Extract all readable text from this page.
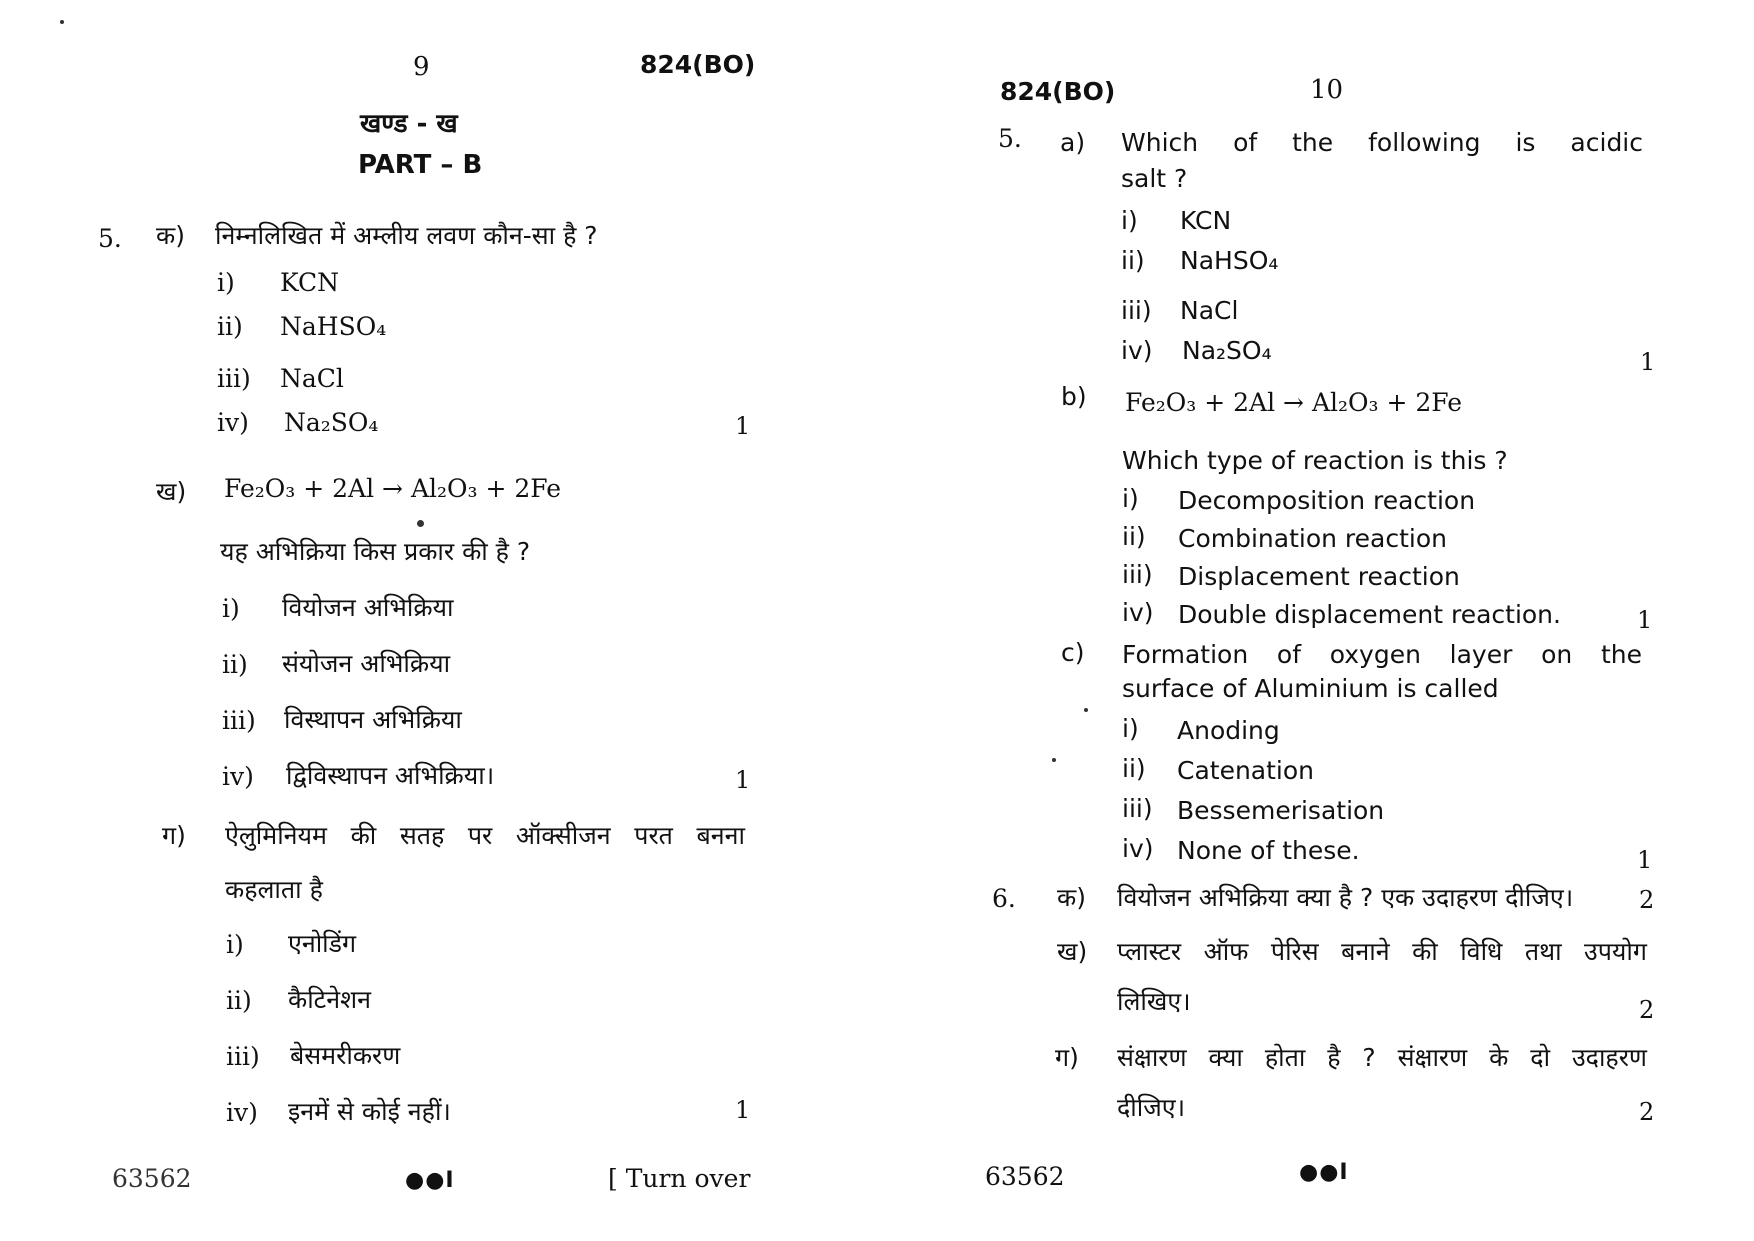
9	824(BO)
खण्ड - ख
PART – B
5. क) निम्नलिखित में अम्लीय लवण कौन-सा है ?
i) KCN
ii) NaHSO₄
iii) NaCl
iv) Na₂SO₄	1
ख) Fe₂O₃ + 2Al → Al₂O₃ + 2Fe
यह अभिक्रिया किस प्रकार की है ?
i) वियोजन अभिक्रिया
ii) संयोजन अभिक्रिया
iii) विस्थापन अभिक्रिया
iv) द्विविस्थापन अभिक्रिया।	1
ग) ऐलुमिनियम की सतह पर ऑक्सीजन परत बनना
कहलाता है
i) एनोडिंग
ii) कैटिनेशन
iii) बेसमरीकरण
iv) इनमें से कोई नहीं।	1
63562	●●I	[ Turn over
824(BO)	10
5. a) Which of the following is acidic
salt ?
i) KCN
ii) NaHSO₄
iii) NaCl
iv) Na₂SO₄	1
b) Fe₂O₃ + 2Al → Al₂O₃ + 2Fe
Which type of reaction is this ?
i) Decomposition reaction
ii) Combination reaction
iii) Displacement reaction
iv) Double displacement reaction.	1
c) Formation of oxygen layer on the
surface of Aluminium is called
i) Anoding
ii) Catenation
iii) Bessemerisation
iv) None of these.	1
6. क) वियोजन अभिक्रिया क्या है ? एक उदाहरण दीजिए।	2
ख) प्लास्टर ऑफ पेरिस बनाने की विधि तथा उपयोग
लिखिए।	2
ग) संक्षारण क्या होता है ? संक्षारण के दो उदाहरण
दीजिए।	2
63562	●●I
